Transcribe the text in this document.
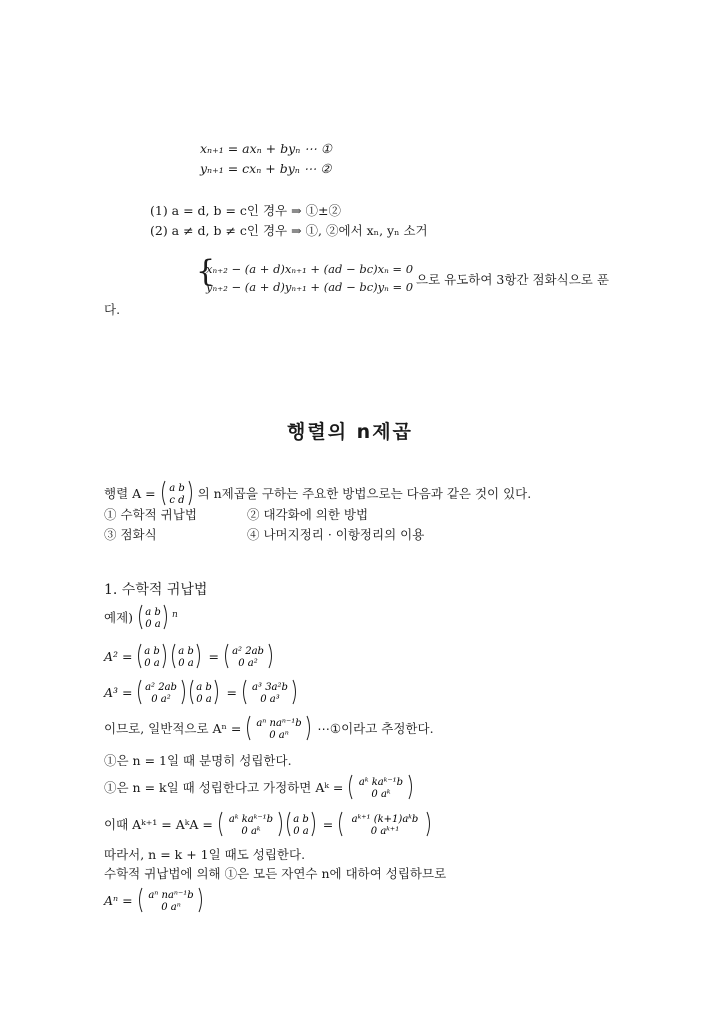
xₙ₊₁ = axₙ + byₙ ⋯ ①
yₙ₊₁ = cxₙ + byₙ ⋯ ②
(1) a = d, b = c인 경우 ⇒ ①±②
(2) a ≠ d, b ≠ c인 경우 ⇒ ①, ②에서 xₙ, yₙ 소거
{
xₙ₊₂ − (a + d)xₙ₊₁ + (ad − bc)xₙ = 0
yₙ₊₂ − (a + d)yₙ₊₁ + (ad − bc)yₙ = 0 으로 유도하여 3항간 점화식으로 푼
다.
행렬의 n제곱
행렬 A = a b
c d 의 n제곱을 구하는 주요한 방법으로는 다음과 같은 것이 있다.
① 수학적 귀납법	② 대각화에 의한 방법
③ 점화식	④ 나머지정리 · 이항정리의 이용
1. 수학적 귀납법
예제) a b
0 a
$^n$
A² = a b
0 a
a b
0 a = a² 2ab
0 a²
A³ = a² 2ab
0 a²
a b
0 a = a³ 3a²b
0 a³
이므로, 일반적으로 Aⁿ = aⁿ naⁿ⁻¹b
0 aⁿ ⋯①이라고 추정한다.
①은 n = 1일 때 분명히 성립한다.
①은 n = k일 때 성립한다고 가정하면 Aᵏ = aᵏ kaᵏ⁻¹b
0 aᵏ
이때 Aᵏ⁺¹ = AᵏA = aᵏ kaᵏ⁻¹b
0 aᵏ
a b
0 a = aᵏ⁺¹ (k+1)aᵏb
0 aᵏ⁺¹
따라서, n = k + 1일 때도 성립한다.
수학적 귀납법에 의해 ①은 모든 자연수 n에 대하여 성립하므로
Aⁿ = aⁿ naⁿ⁻¹b
0 aⁿ
